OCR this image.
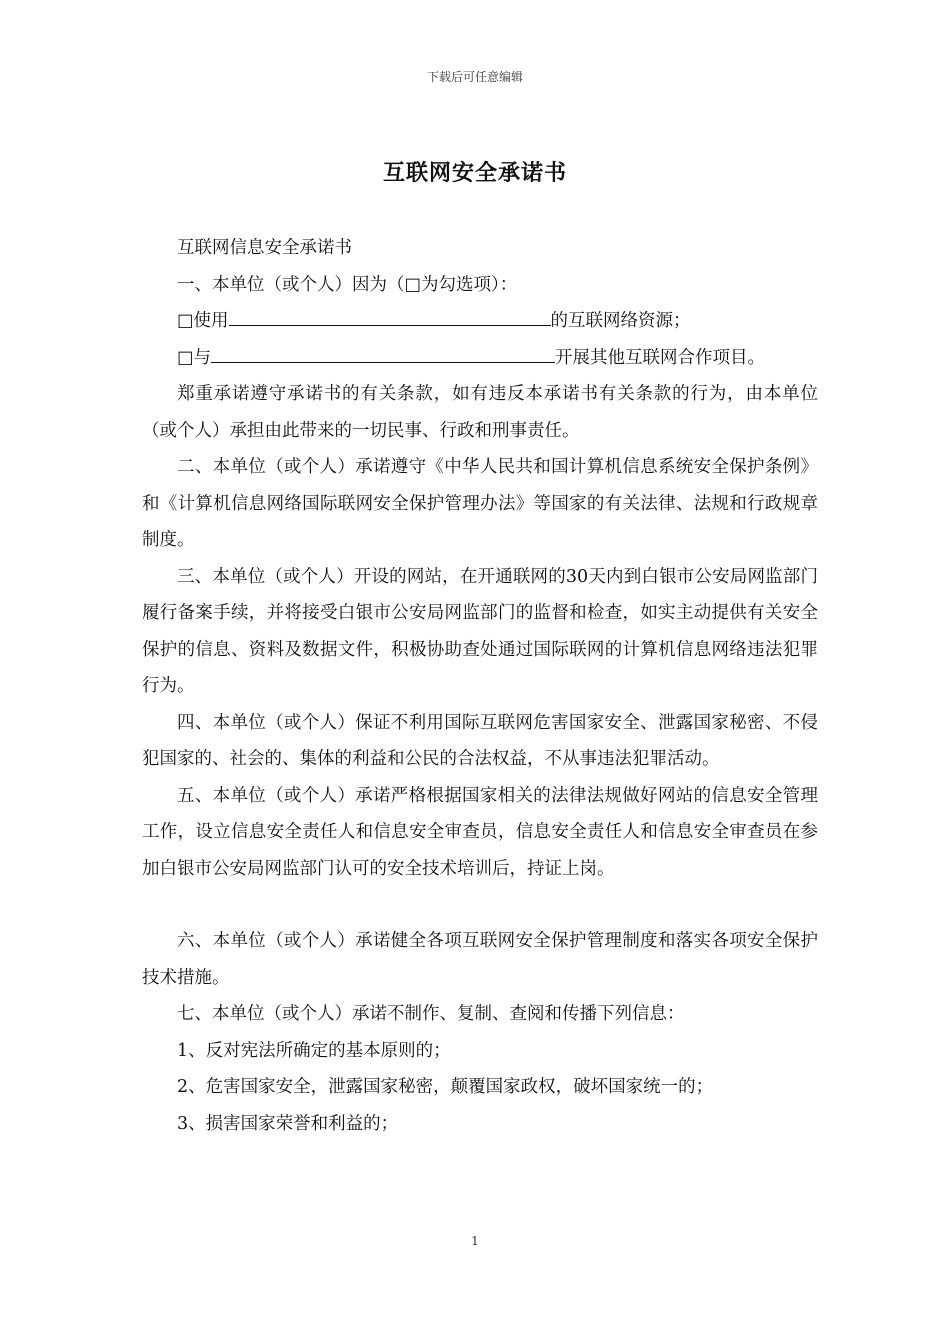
下载后可任意编辑
互联网安全承诺书

互联网信息安全承诺书

一、本单位（或个人）因为（□为勾选项）：

□使用	的互联网络资源；

□与	开展其他互联网合作项目。

郑重承诺遵守承诺书的有关条款，如有违反本承诺书有关条款的行为，由本单位（或个人）承担由此带来的一切民事、行政和刑事责任。

二、本单位（或个人）承诺遵守《中华人民共和国计算机信息系统安全保护条例》和《计算机信息网络国际联网安全保护管理办法》等国家的有关法律、法规和行政规章制度。

三、本单位（或个人）开设的网站，在开通联网的30天内到白银市公安局网监部门履行备案手续，并将接受白银市公安局网监部门的监督和检查，如实主动提供有关安全保护的信息、资料及数据文件，积极协助查处通过国际联网的计算机信息网络违法犯罪行为。

四、本单位（或个人）保证不利用国际互联网危害国家安全、泄露国家秘密、不侵犯国家的、社会的、集体的利益和公民的合法权益，不从事违法犯罪活动。

五、本单位（或个人）承诺严格根据国家相关的法律法规做好网站的信息安全管理工作，设立信息安全责任人和信息安全审查员，信息安全责任人和信息安全审查员在参加白银市公安局网监部门认可的安全技术培训后，持证上岗。

六、本单位（或个人）承诺健全各项互联网安全保护管理制度和落实各项安全保护技术措施。

七、本单位（或个人）承诺不制作、复制、查阅和传播下列信息：

1、反对宪法所确定的基本原则的；

2、危害国家安全，泄露国家秘密，颠覆国家政权，破坏国家统一的；

3、损害国家荣誉和利益的；

1
